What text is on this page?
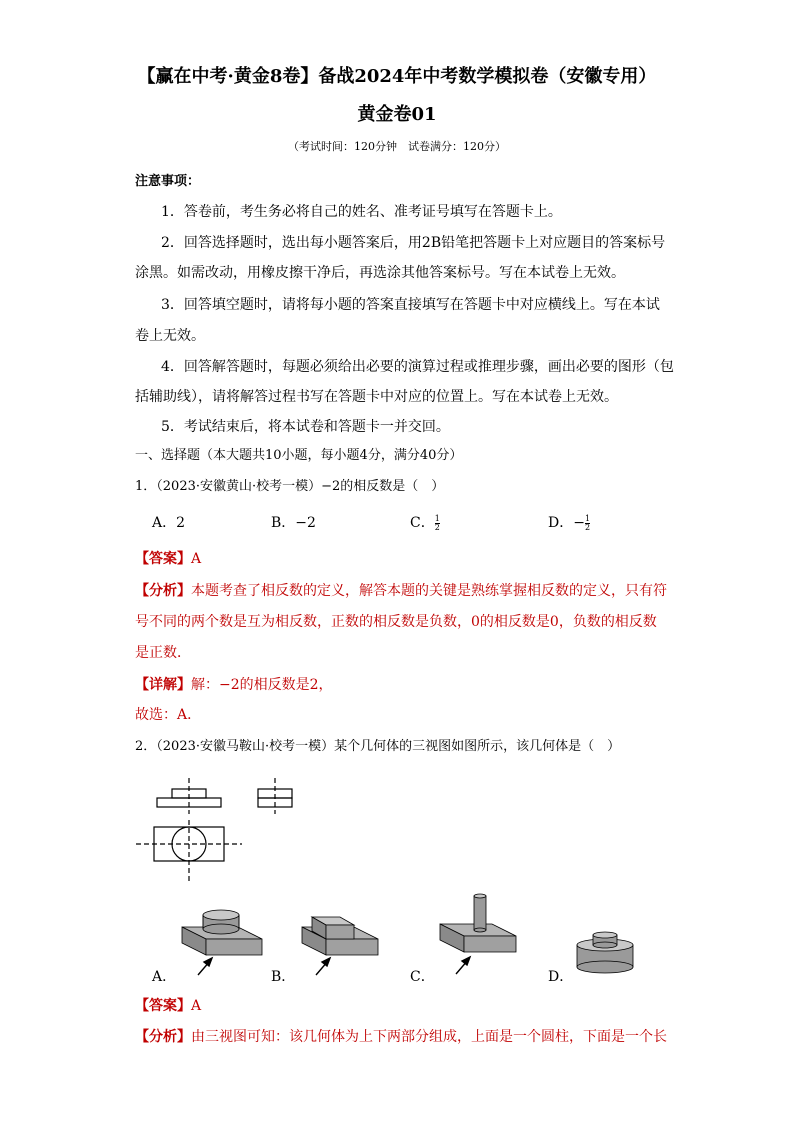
【赢在中考·黄金8卷】备战2024年中考数学模拟卷（安徽专用）
黄金卷01
（考试时间：120分钟　试卷满分：120分）
注意事项：
1．答卷前，考生务必将自己的姓名、准考证号填写在答题卡上。
2．回答选择题时，选出每小题答案后，用2B铅笔把答题卡上对应题目的答案标号
涂黑。如需改动，用橡皮擦干净后，再选涂其他答案标号。写在本试卷上无效。
3．回答填空题时，请将每小题的答案直接填写在答题卡中对应横线上。写在本试
卷上无效。
4．回答解答题时，每题必须给出必要的演算过程或推理步骤，画出必要的图形（包
括辅助线），请将解答过程书写在答题卡中对应的位置上。写在本试卷上无效。
5．考试结束后，将本试卷和答题卡一并交回。
一、选择题（本大题共10小题，每小题4分，满分40分）
1．（2023·安徽黄山·校考一模）−2的相反数是（　）
A．2	B．−2	C． $\frac{1}{2}$	D．− $\frac{1}{2}$
【答案】A
【分析】本题考查了相反数的定义，解答本题的关键是熟练掌握相反数的定义，只有符
号不同的两个数是互为相反数，正数的相反数是负数，0的相反数是0，负数的相反数
是正数．
【详解】解：−2的相反数是2，
故选：A．
2．（2023·安徽马鞍山·校考一模）某个几何体的三视图如图所示，该几何体是（　）
A．	B．	C．	D．
【答案】A
【分析】由三视图可知：该几何体为上下两部分组成，上面是一个圆柱，下面是一个长
